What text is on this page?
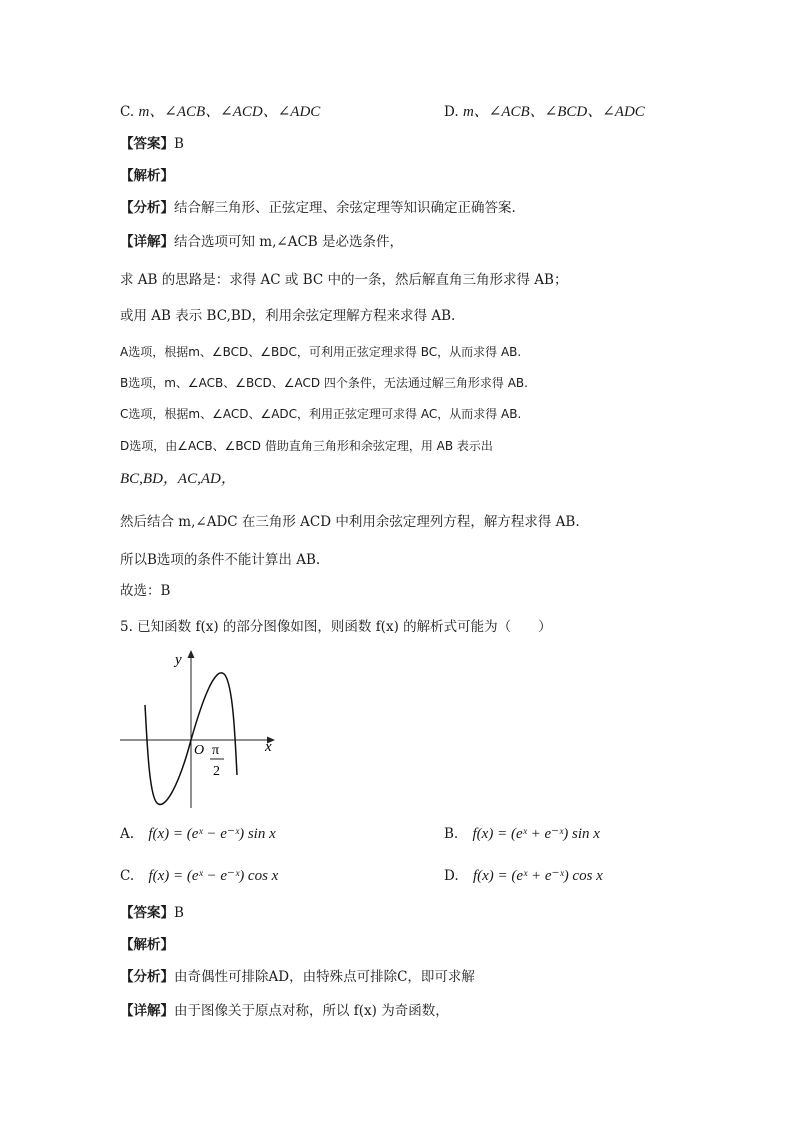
C. m、∠ACB、∠ACD、∠ADC	D. m、∠ACB、∠BCD、∠ADC
【答案】B
【解析】
【分析】结合解三角形、正弦定理、余弦定理等知识确定正确答案.
【详解】结合选项可知 m,∠ACB 是必选条件，
求 AB 的思路是：求得 AC 或 BC 中的一条，然后解直角三角形求得 AB；
或用 AB 表示 BC,BD，利用余弦定理解方程来求得 AB.
A选项，根据m、∠BCD、∠BDC，可利用正弦定理求得 BC，从而求得 AB.
B选项，m、∠ACB、∠BCD、∠ACD 四个条件，无法通过解三角形求得 AB.
C选项，根据m、∠ACD、∠ADC，利用正弦定理可求得 AC，从而求得 AB.
D选项，由∠ACB、∠BCD 借助直角三角形和余弦定理，用 AB 表示出
BC,BD，AC,AD，
然后结合 m,∠ADC 在三角形 ACD 中利用余弦定理列方程，解方程求得 AB.
所以B选项的条件不能计算出 AB.
故选：B
5. 已知函数 f(x) 的部分图像如图，则函数 f(x) 的解析式可能为（　　）
y
x
O π
2
A. f(x) = (eˣ − e⁻ˣ) sin x	B. f(x) = (eˣ + e⁻ˣ) sin x
C. f(x) = (eˣ − e⁻ˣ) cos x	D. f(x) = (eˣ + e⁻ˣ) cos x
【答案】B
【解析】
【分析】由奇偶性可排除AD，由特殊点可排除C，即可求解
【详解】由于图像关于原点对称，所以 f(x) 为奇函数，
